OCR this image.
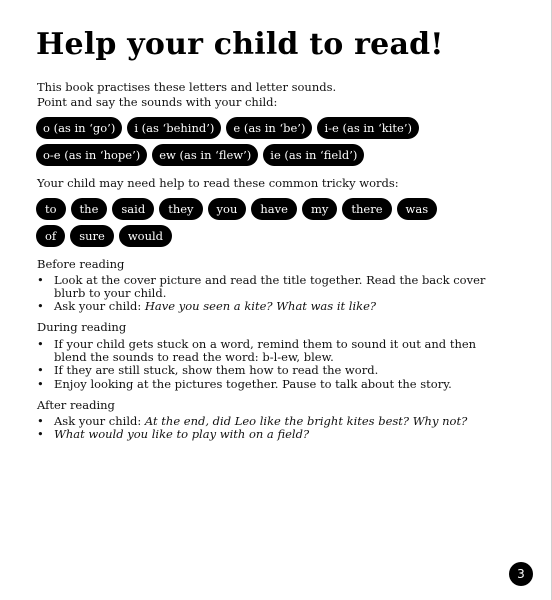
Help your child to read!
This book practises these letters and letter sounds.
Point and say the sounds with your child:
o (as in ‘go’)	i (as ‘behind’)	e (as in ‘be’)	i-e (as in ‘kite’)
o-e (as in ‘hope’)	ew (as in ‘flew’)	ie (as in ‘field’)
Your child may need help to read these common tricky words:
to	the	said	they	you	have	my	there	was
of	sure	would
Before reading
• Look at the cover picture and read the title together. Read the back cover
blurb to your child.
• Ask your child: Have you seen a kite? What was it like?
During reading
• If your child gets stuck on a word, remind them to sound it out and then
blend the sounds to read the word: b-l-ew, blew.
• If they are still stuck, show them how to read the word.
• Enjoy looking at the pictures together. Pause to talk about the story.
After reading
• Ask your child: At the end, did Leo like the bright kites best? Why not?
• What would you like to play with on a field?
3
